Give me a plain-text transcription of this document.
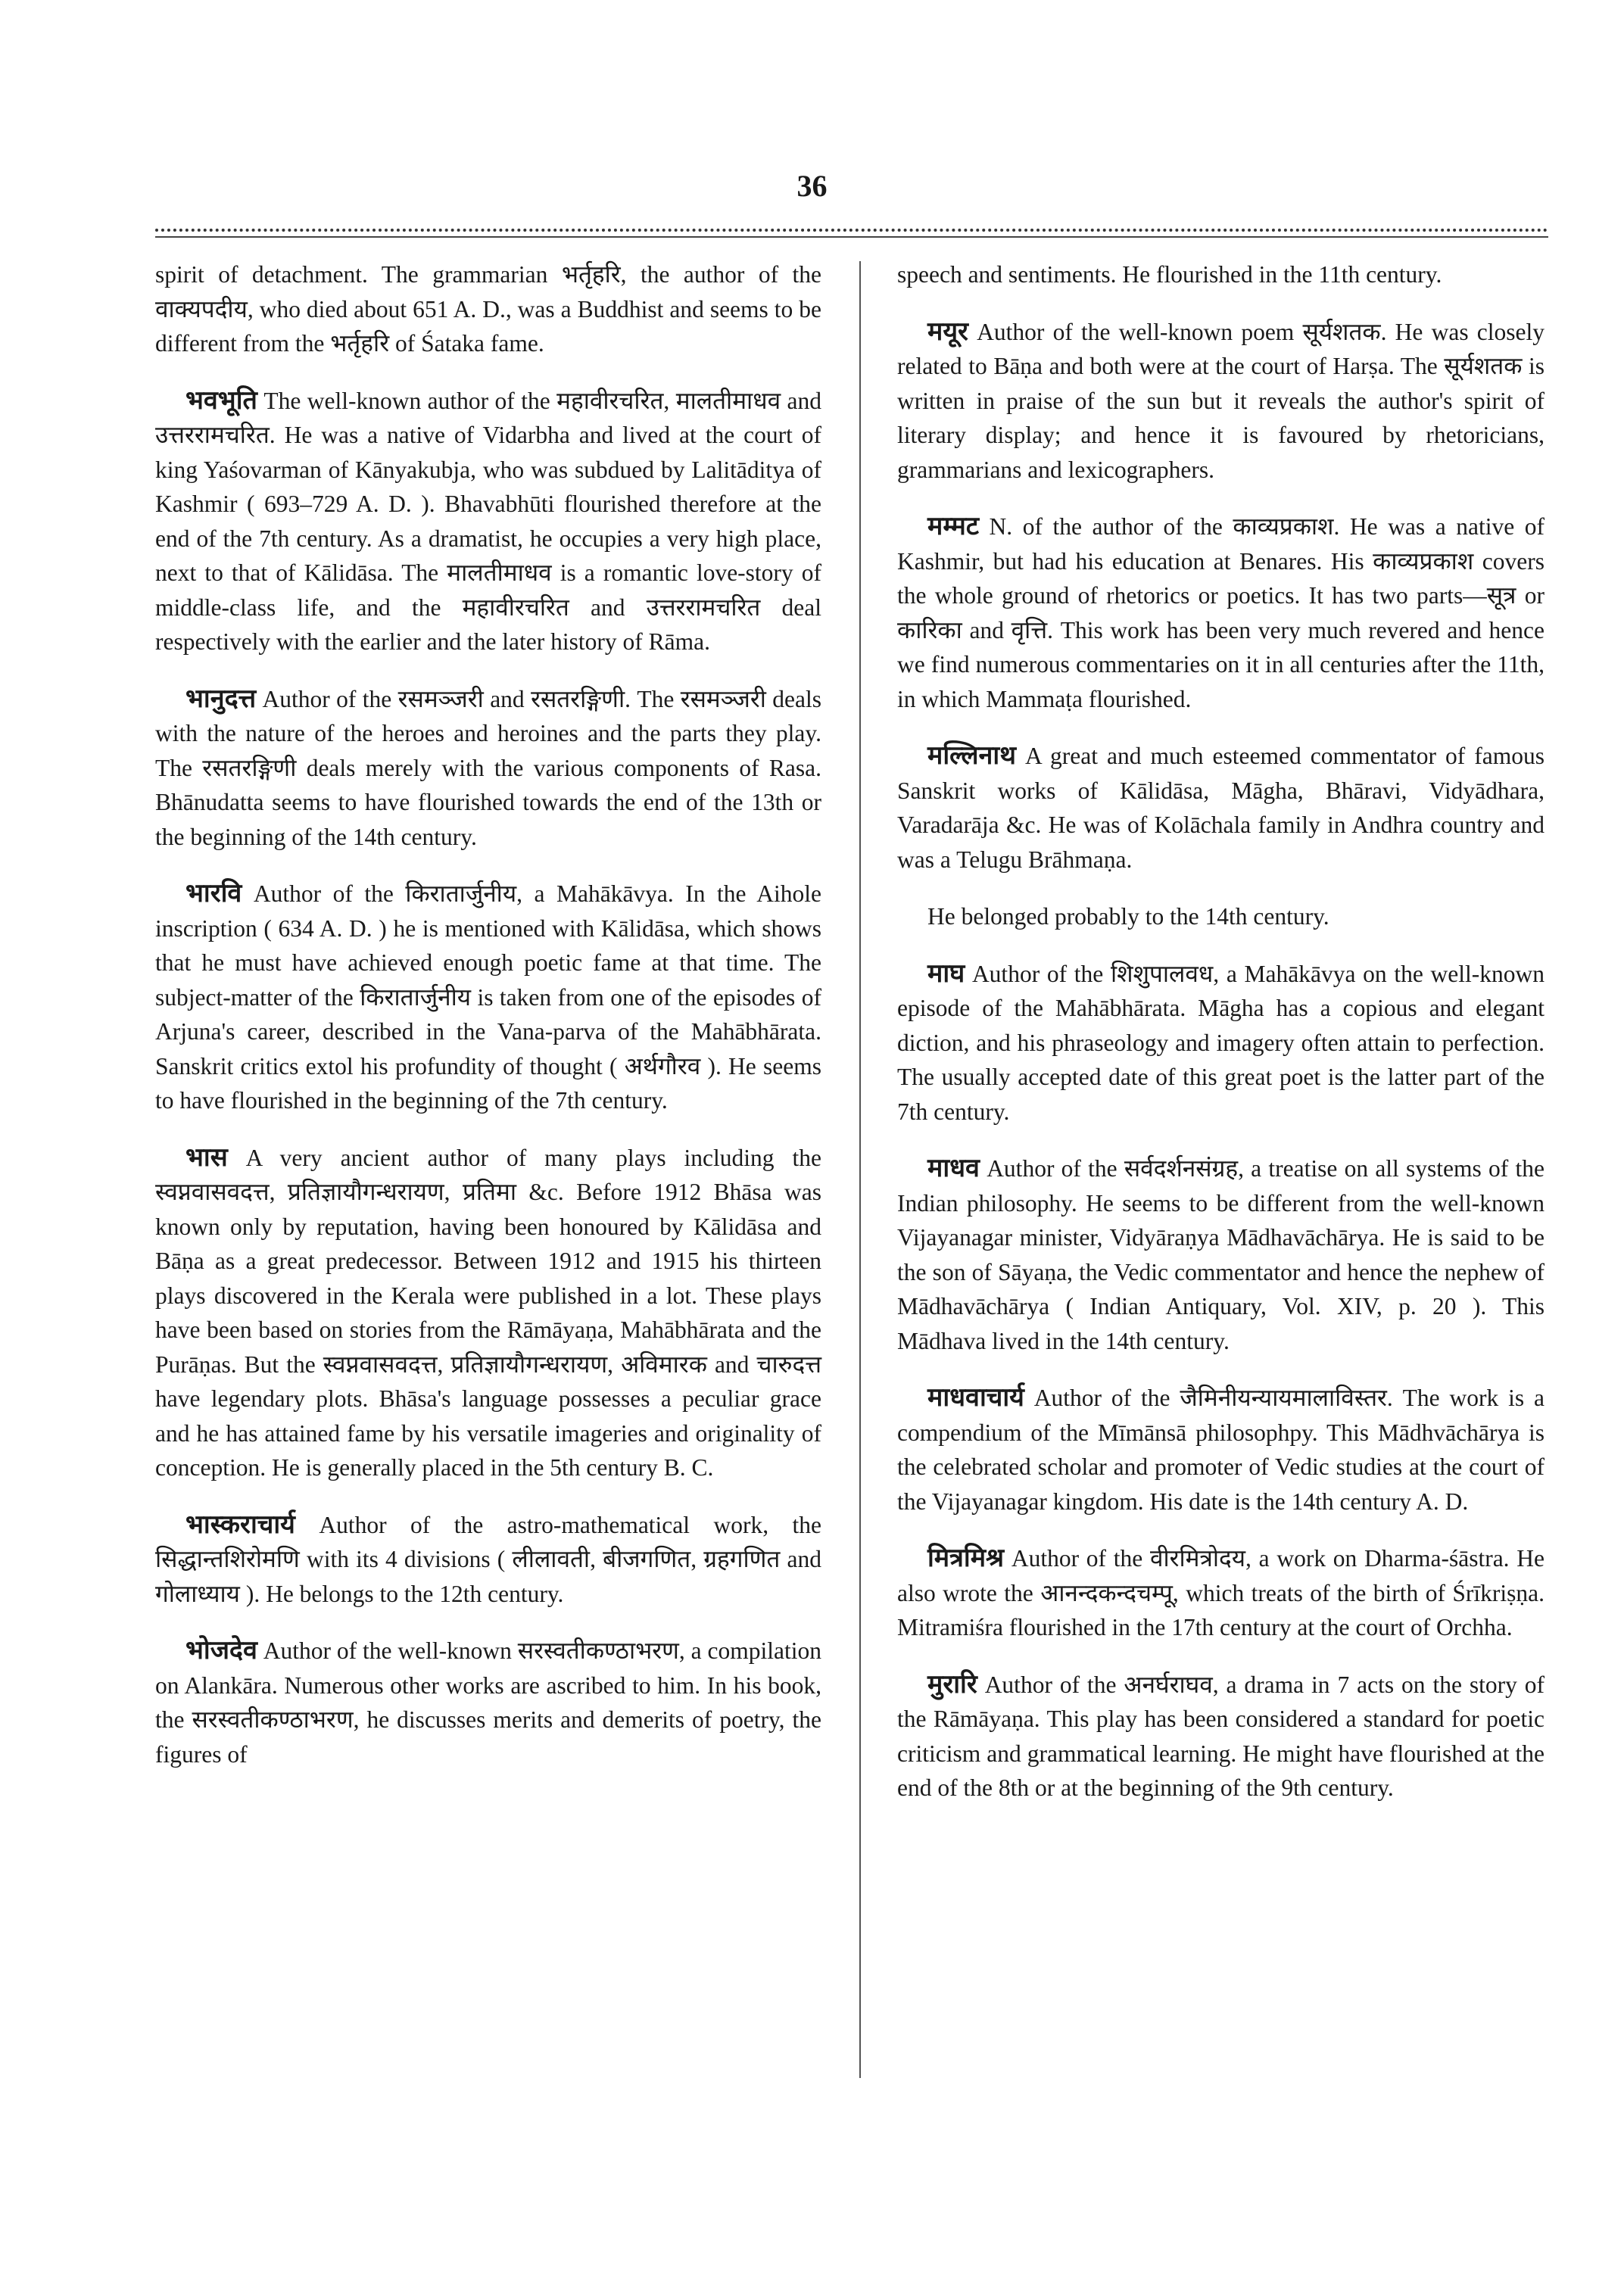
36

spirit of detachment. The grammarian भर्तृहरि, the author of the वाक्यपदीय, who died about 651 A. D., was a Buddhist and seems to be different from the भर्तृहरि of Śataka fame.

भवभूति The well-known author of the महावीरचरित, मालतीमाधव and उत्तररामचरित. He was a native of Vidarbha and lived at the court of king Yaśovarman of Kānyakubja, who was subdued by Lalitāditya of Kashmir ( 693–729 A. D. ). Bhavabhūti flourished therefore at the end of the 7th century. As a dramatist, he occupies a very high place, next to that of Kālidāsa. The मालतीमाधव is a romantic love-story of middle-class life, and the महावीरचरित and उत्तररामचरित deal respectively with the earlier and the later history of Rāma.

भानुदत्त Author of the रसमञ्जरी and रसतरङ्गिणी. The रसमञ्जरी deals with the nature of the heroes and heroines and the parts they play. The रसतरङ्गिणी deals merely with the various components of Rasa. Bhānudatta seems to have flourished towards the end of the 13th or the beginning of the 14th century.

भारवि Author of the किरातार्जुनीय, a Mahākāvya. In the Aihole inscription ( 634 A. D. ) he is mentioned with Kālidāsa, which shows that he must have achieved enough poetic fame at that time. The subject-matter of the किरातार्जुनीय is taken from one of the episodes of Arjuna's career, described in the Vana-parva of the Mahābhārata. Sanskrit critics extol his profundity of thought ( अर्थगौरव ). He seems to have flourished in the beginning of the 7th century.

भास A very ancient author of many plays including the स्वप्नवासवदत्त, प्रतिज्ञायौगन्धरायण, प्रतिमा &c. Before 1912 Bhāsa was known only by reputation, having been honoured by Kālidāsa and Bāṇa as a great predecessor. Between 1912 and 1915 his thirteen plays discovered in the Kerala were published in a lot. These plays have been based on stories from the Rāmāyaṇa, Mahābhārata and the Purāṇas. But the स्वप्नवासवदत्त, प्रतिज्ञायौगन्धरायण, अविमारक and चारुदत्त have legendary plots. Bhāsa's language possesses a peculiar grace and he has attained fame by his versatile imageries and originality of conception. He is generally placed in the 5th century B. C.

भास्कराचार्य Author of the astro-mathematical work, the सिद्धान्तशिरोमणि with its 4 divisions ( लीलावती, बीजगणित, ग्रहगणित and गोलाध्याय ). He belongs to the 12th century.

भोजदेव Author of the well-known सरस्वतीकण्ठाभरण, a compilation on Alankāra. Numerous other works are ascribed to him. In his book, the सरस्वतीकण्ठाभरण, he discusses merits and demerits of poetry, the figures of

speech and sentiments. He flourished in the 11th century.

मयूर Author of the well-known poem सूर्यशतक. He was closely related to Bāṇa and both were at the court of Harṣa. The सूर्यशतक is written in praise of the sun but it reveals the author's spirit of literary display; and hence it is favoured by rhetoricians, grammarians and lexicographers.

मम्मट N. of the author of the काव्यप्रकाश. He was a native of Kashmir, but had his education at Benares. His काव्यप्रकाश covers the whole ground of rhetorics or poetics. It has two parts—सूत्र or कारिका and वृत्ति. This work has been very much revered and hence we find numerous commentaries on it in all centuries after the 11th, in which Mammaṭa flourished.

मल्लिनाथ A great and much esteemed commentator of famous Sanskrit works of Kālidāsa, Māgha, Bhāravi, Vidyādhara, Varadarāja &c. He was of Kolāchala family in Andhra country and was a Telugu Brāhmaṇa.

He belonged probably to the 14th century.

माघ Author of the शिशुपालवध, a Mahākāvya on the well-known episode of the Mahābhārata. Māgha has a copious and elegant diction, and his phraseology and imagery often attain to perfection. The usually accepted date of this great poet is the latter part of the 7th century.

माधव Author of the सर्वदर्शनसंग्रह, a treatise on all systems of the Indian philosophy. He seems to be different from the well-known Vijayanagar minister, Vidyāraṇya Mādhavāchārya. He is said to be the son of Sāyaṇa, the Vedic commentator and hence the nephew of Mādhavāchārya ( Indian Antiquary, Vol. XIV, p. 20 ). This Mādhava lived in the 14th century.

माधवाचार्य Author of the जैमिनीयन्यायमालाविस्तर. The work is a compendium of the Mīmānsā philosophpy. This Mādhvāchārya is the celebrated scholar and promoter of Vedic studies at the court of the Vijayanagar kingdom. His date is the 14th century A. D.

मित्रमिश्र Author of the वीरमित्रोदय, a work on Dharma-śāstra. He also wrote the आनन्दकन्दचम्पू, which treats of the birth of Śrīkriṣṇa. Mitramiśra flourished in the 17th century at the court of Orchha.

मुरारि Author of the अनर्घराघव, a drama in 7 acts on the story of the Rāmāyaṇa. This play has been considered a standard for poetic criticism and grammatical learning. He might have flourished at the end of the 8th or at the beginning of the 9th century.
